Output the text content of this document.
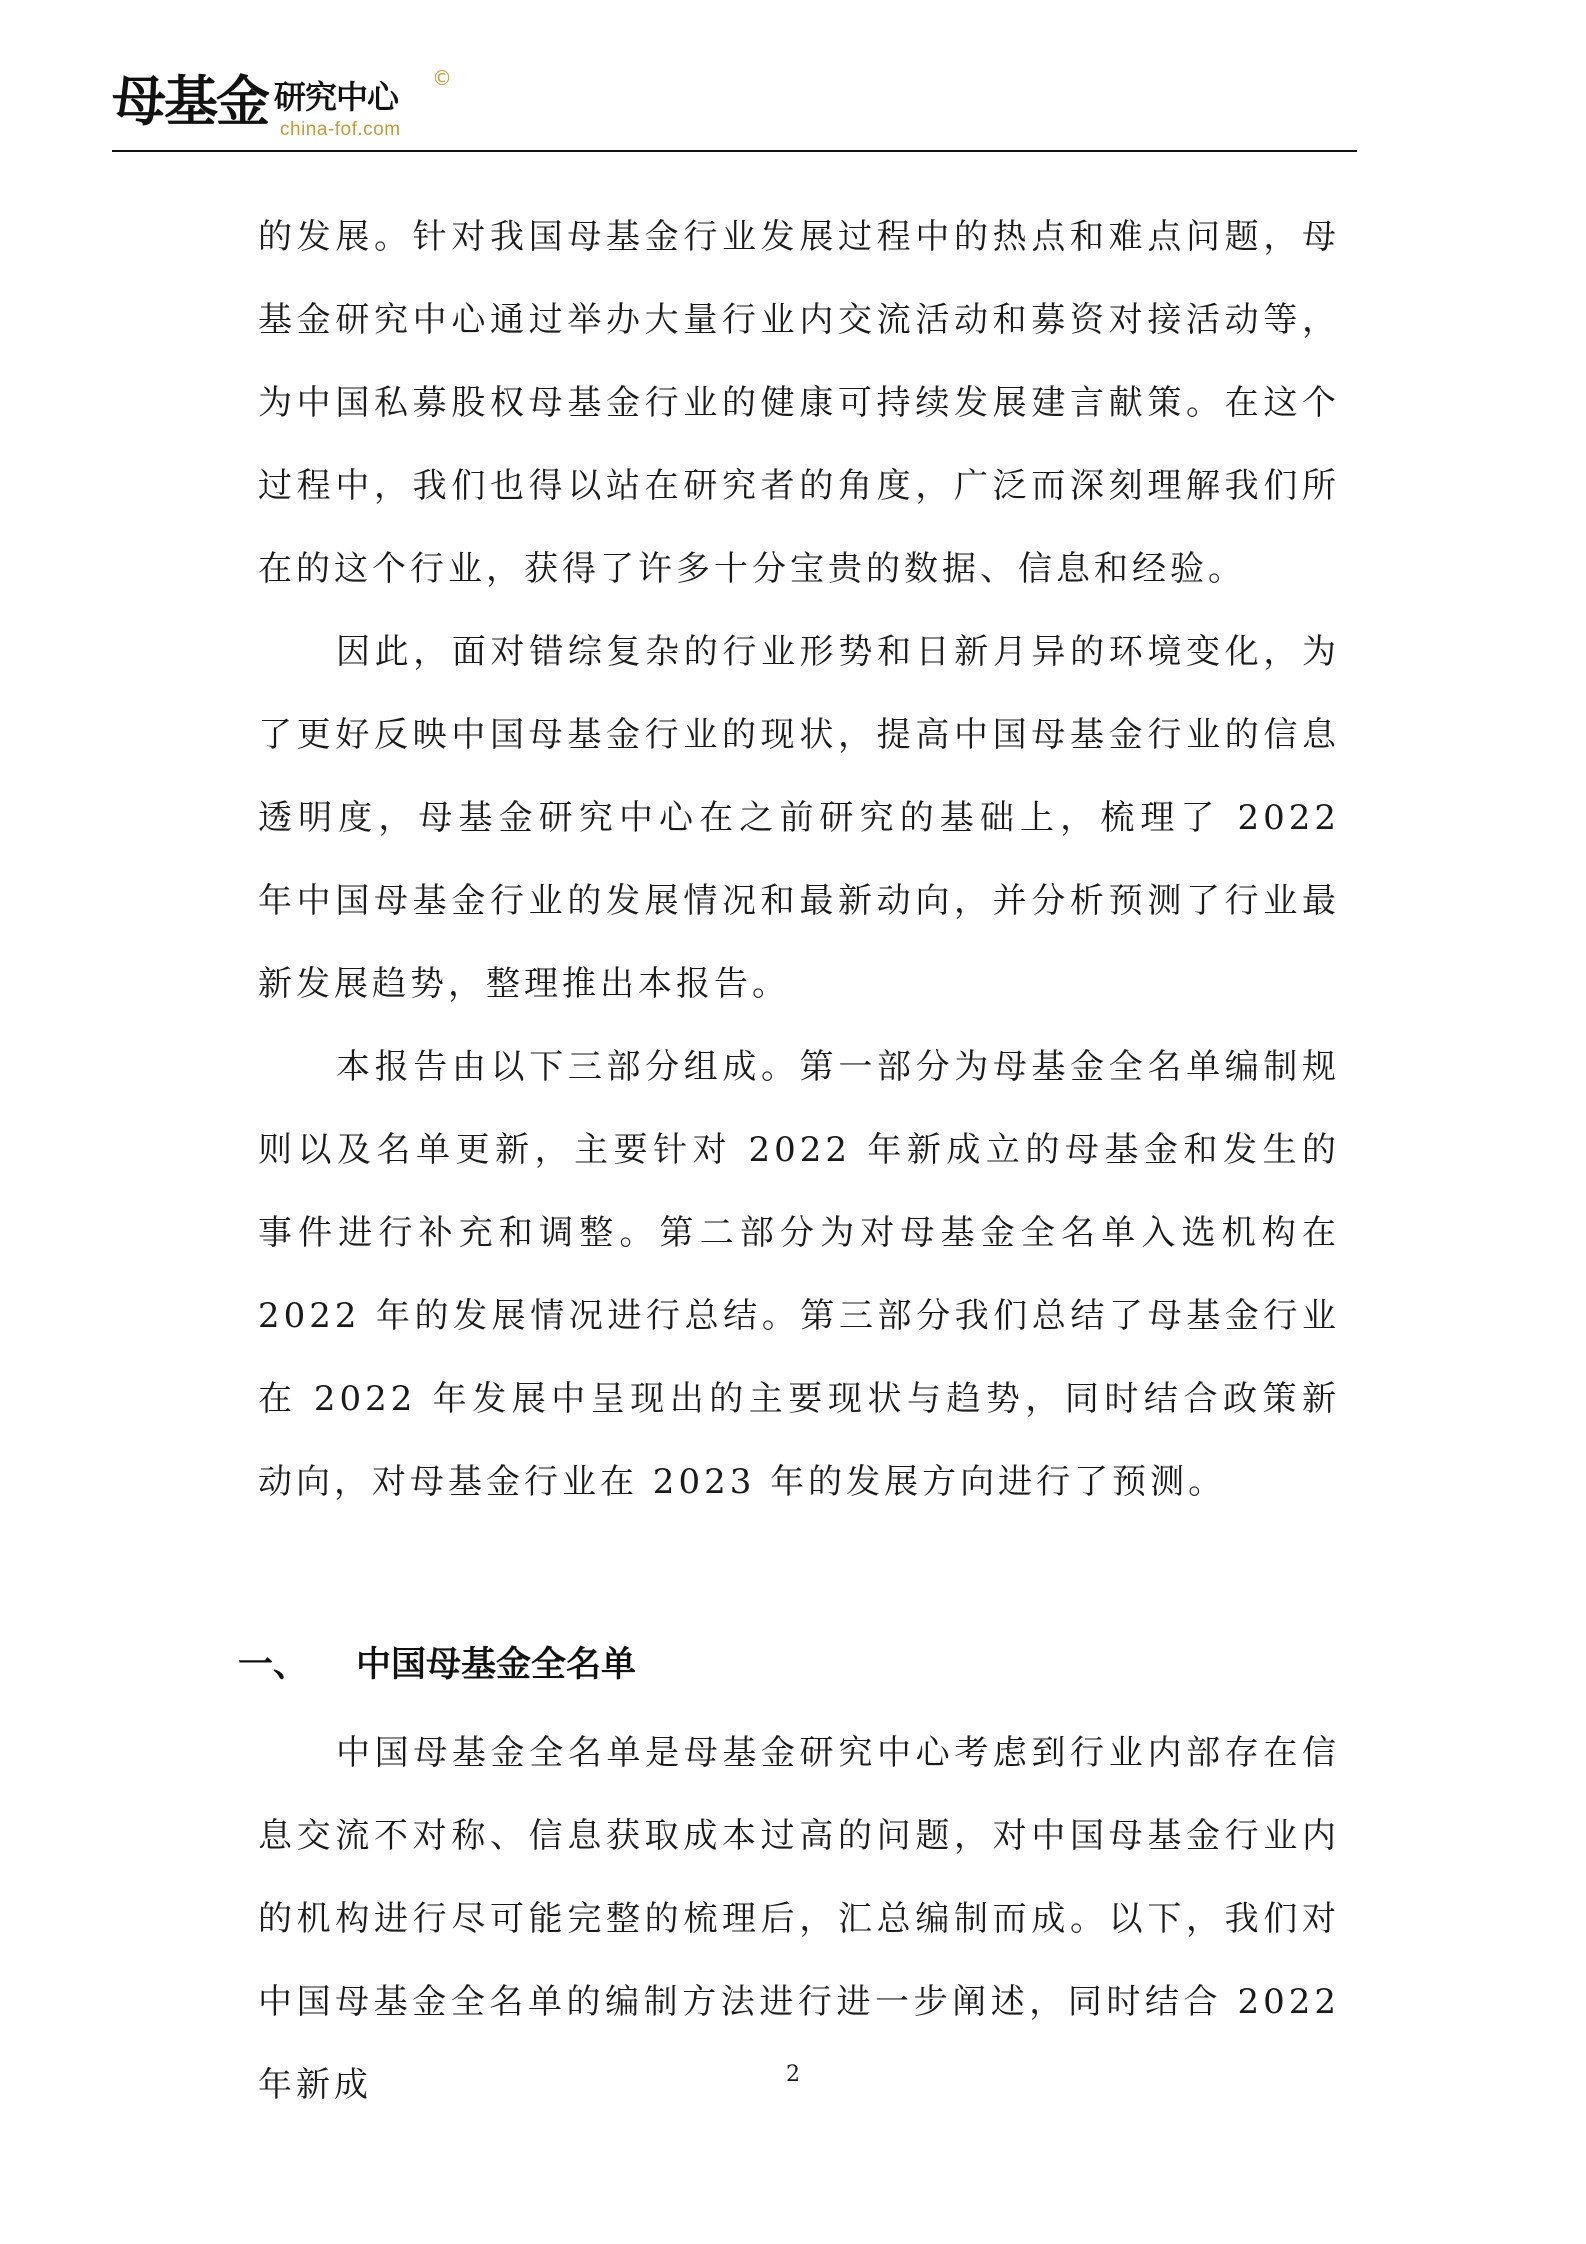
母基金 研究中心 ©
china-fof.com

的发展。针对我国母基金行业发展过程中的热点和难点问题，母基金研究中心通过举办大量行业内交流活动和募资对接活动等，为中国私募股权母基金行业的健康可持续发展建言献策。在这个过程中，我们也得以站在研究者的角度，广泛而深刻理解我们所在的这个行业，获得了许多十分宝贵的数据、信息和经验。

因此，面对错综复杂的行业形势和日新月异的环境变化，为了更好反映中国母基金行业的现状，提高中国母基金行业的信息透明度，母基金研究中心在之前研究的基础上，梳理了 2022 年中国母基金行业的发展情况和最新动向，并分析预测了行业最新发展趋势，整理推出本报告。

本报告由以下三部分组成。第一部分为母基金全名单编制规则以及名单更新，主要针对 2022 年新成立的母基金和发生的事件进行补充和调整。第二部分为对母基金全名单入选机构在 2022 年的发展情况进行总结。第三部分我们总结了母基金行业在 2022 年发展中呈现出的主要现状与趋势，同时结合政策新动向，对母基金行业在 2023 年的发展方向进行了预测。

一、 中国母基金全名单

中国母基金全名单是母基金研究中心考虑到行业内部存在信息交流不对称、信息获取成本过高的问题，对中国母基金行业内的机构进行尽可能完整的梳理后，汇总编制而成。以下，我们对中国母基金全名单的编制方法进行进一步阐述，同时结合 2022 年新成	2
